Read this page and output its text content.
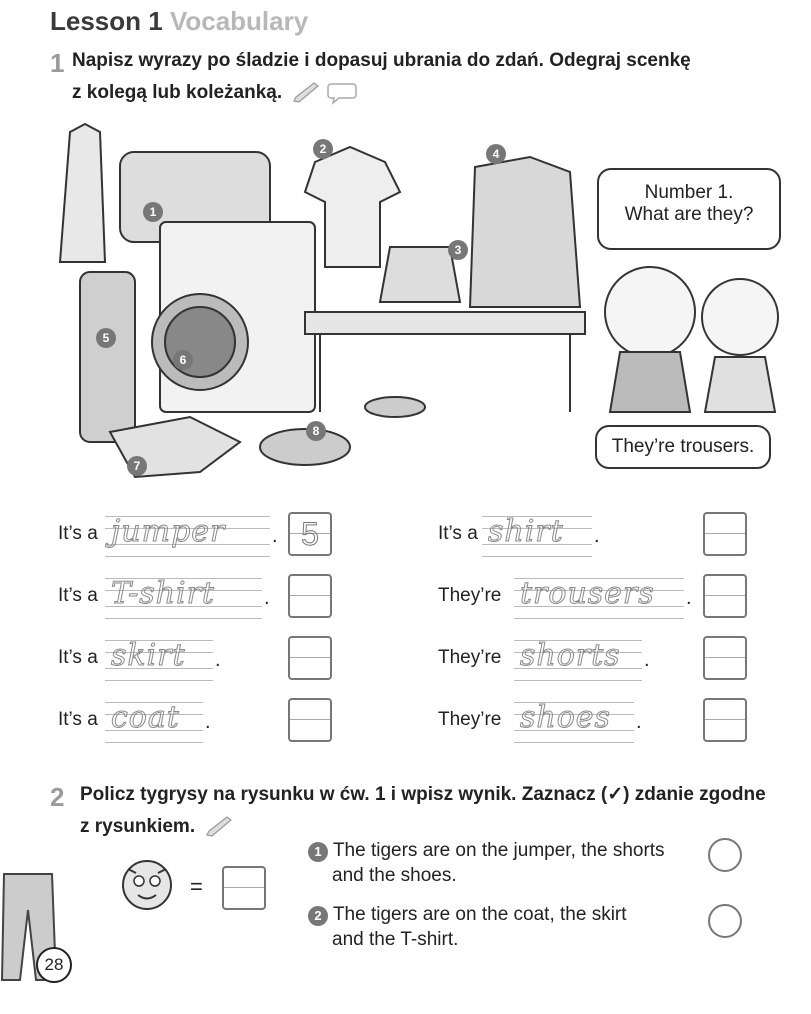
Lesson 1 Vocabulary
1 Napisz wyrazy po śladzie i dopasuj ubrania do zdań. Odegraj scenkę
z kolegą lub koleżanką.
1
2
3
4
5
6
7
8
Number 1.
What are they?
They’re trousers.
It’s a jumper . 5
It’s a T-shirt .
It’s a skirt .
It’s a coat .
It’s a shirt .
They’re trousers .
They’re shorts .
They’re shoes .
2 Policz tygrysy na rysunku w ćw. 1 i wpisz wynik. Zaznacz (✓) zdanie zgodne
z rysunkiem.
28
=
1 The tigers are on the jumper, the shorts
and the shoes.
2 The tigers are on the coat, the skirt
and the T-shirt.
